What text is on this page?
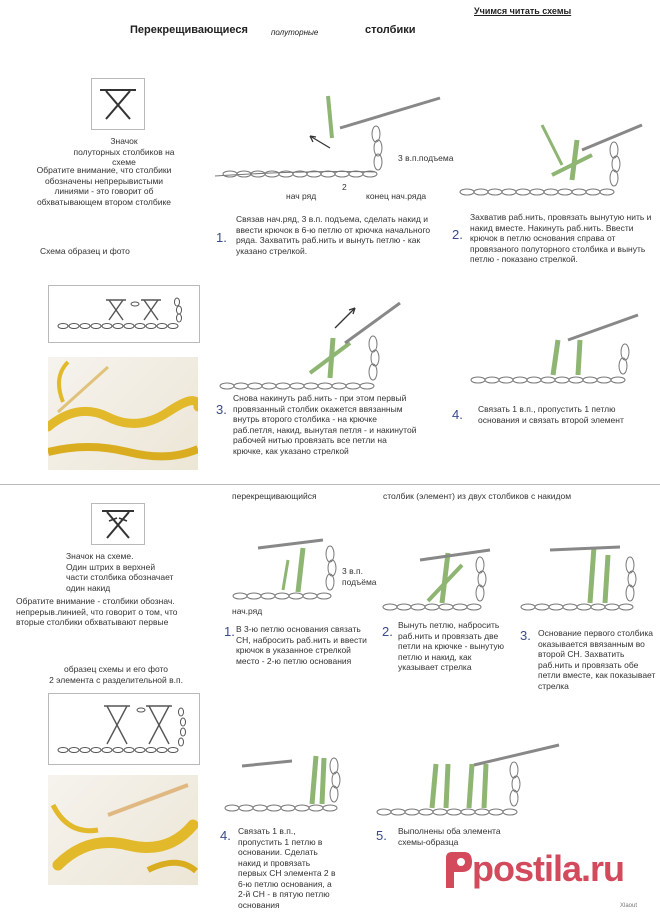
Учимся читать схемы
Перекрещивающиеся	полуторные	столбики
Значок
полуторных столбиков на
схеме
Обратите внимание, что столбики
обозначены непрерывистыми
линиями - это говорит об
обхватывающем втором столбике
Схема образец и фото
3 в.п.подъема
нач ряд	конец нач.ряда
2
1.
Связав нач.ряд, 3 в.п. подъема, сделать накид и
ввести крючок в 6-ю петлю от крючка начального
ряда. Захватить раб.нить и вынуть петлю - как
указано стрелкой.
2.
Захватив раб.нить, провязать вынутую нить и
накид вместе. Накинуть раб.нить. Ввести
крючок в петлю основания справа от
провязаного полуторного столбика и вынуть
петлю - показано стрелкой.
3.
Снова накинуть раб.нить - при этом первый
провязанный столбик окажется ввязанным
внутрь второго столбика - на крючке
раб.петля, накид, вынутая петля - и накинутой
рабочей нитью провязать все петли на
крючке, как указано стрелкой
4. Связать 1 в.п., пропустить 1 петлю
основания и связать второй элемент
перекрещивающийся	столбик (элемент) из двух столбиков с накидом
Значок на схеме.
Один штрих в верхней
части столбика обозначает
один накид
Обратите внимание - столбики обознач.
непрерыв.линией, что говорит о том, что
вторые столбики обхватывают первые
образец схемы и его фото
2 элемента с разделительной в.п.
3 в.п.
подъёма
нач.ряд
1. В 3-ю петлю основания связать
СН, набросить раб.нить и ввести
крючок в указанное стрелкой
место - 2-ю петлю основания
2. Вынуть петлю, набросить
раб.нить и провязать две
петли на крючке - вынутую
петлю и накид, как
указывает стрелка
3. Основание первого столбика
оказывается ввязанным во
второй СН. Захватить
раб.нить и провязать обе
петли вместе, как показывает
стрелка
4. Связать 1 в.п.,
пропустить 1 петлю в
основании. Сделать
накид и провязать
первых СН элемента 2 в
6-ю петлю основания, а
2-й СН - в пятую петлю
основания
5. Выполнены оба элемента
схемы-образца
postila.ru
Xlaout
